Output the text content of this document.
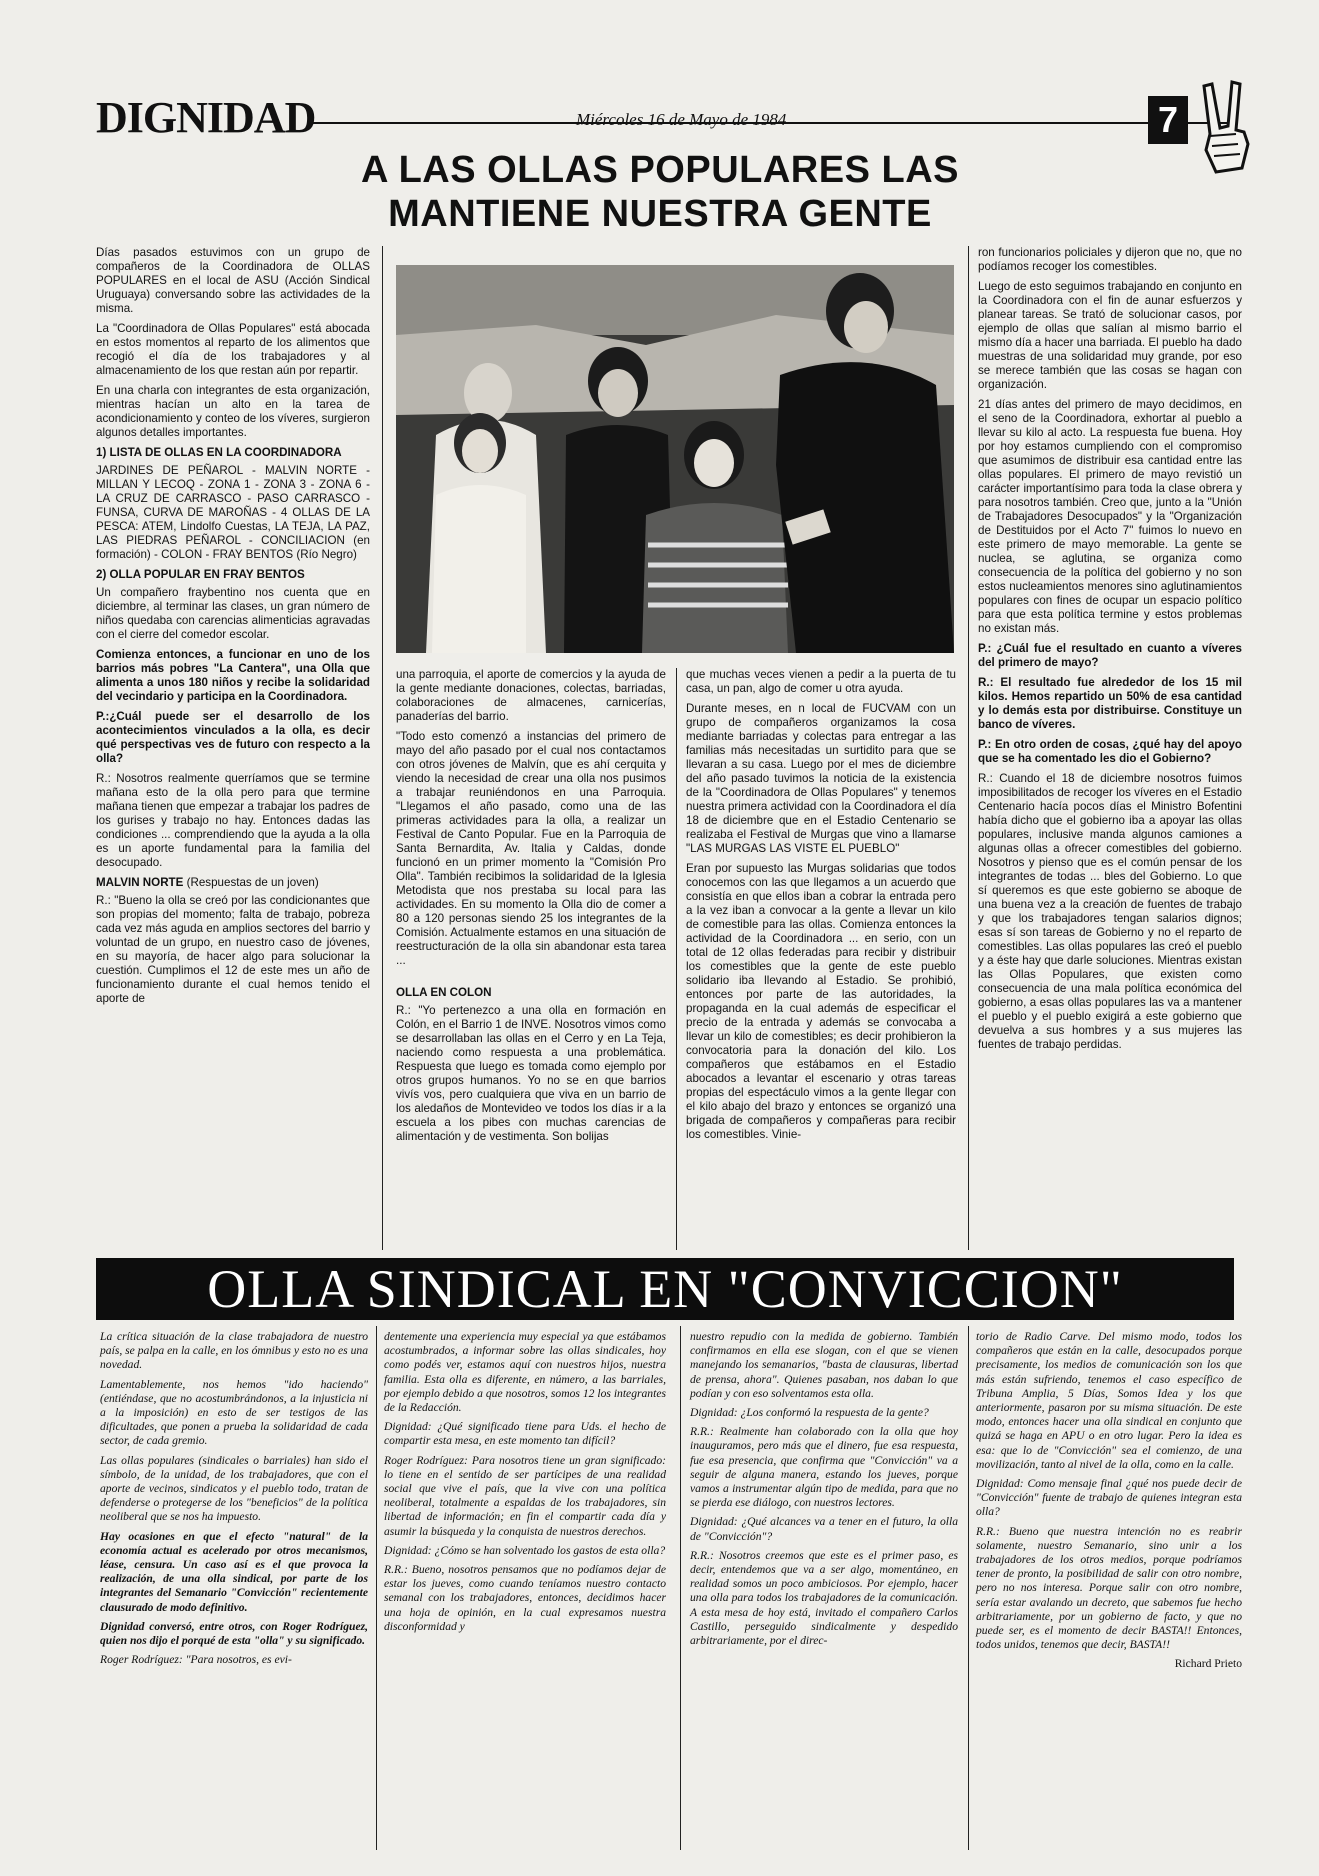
DIGNIDAD	Miércoles 16 de Mayo de 1984	7
A LAS OLLAS POPULARES LAS
MANTIENE NUESTRA GENTE

Días pasados estuvimos con un grupo de compañeros de la Coordinadora de OLLAS POPULARES en el local de ASU (Acción Sindical Uruguaya) conversando sobre las actividades de la misma.

La "Coordinadora de Ollas Populares" está abocada en estos momentos al reparto de los alimentos que recogió el día de los trabajadores y al almacenamiento de los que restan aún por repartir.

En una charla con integrantes de esta organización, mientras hacían un alto en la tarea de acondicionamiento y conteo de los víveres, surgieron algunos detalles importantes.

1) LISTA DE OLLAS EN LA COORDINADORA

JARDINES DE PEÑAROL - MALVIN NORTE - MILLAN Y LECOQ - ZONA 1 - ZONA 3 - ZONA 6 - LA CRUZ DE CARRASCO - PASO CARRASCO - FUNSA, CURVA DE MAROÑAS - 4 OLLAS DE LA PESCA: ATEM, Lindolfo Cuestas, LA TEJA, LA PAZ, LAS PIEDRAS PEÑAROL - CONCILIACION (en formación) - COLON - FRAY BENTOS (Río Negro)

2) OLLA POPULAR EN FRAY BENTOS

Un compañero fraybentino nos cuenta que en diciembre, al terminar las clases, un gran número de niños quedaba con carencias alimenticias agravadas con el cierre del comedor escolar.

Comienza entonces, a funcionar en uno de los barrios más pobres "La Cantera", una Olla que alimenta a unos 180 niños y recibe la solidaridad del vecindario y participa en la Coordinadora.

P.:¿Cuál puede ser el desarrollo de los acontecimientos vinculados a la olla, es decir qué perspectivas ves de futuro con respecto a la olla?

R.: Nosotros realmente querríamos que se termine mañana esto de la olla pero para que termine mañana tienen que empezar a trabajar los padres de los gurises y trabajo no hay. Entonces dadas las condiciones ... comprendiendo que la ayuda a la olla es un aporte fundamental para la familia del desocupado.

MALVIN NORTE (Respuestas de un joven)

R.: "Bueno la olla se creó por las condicionantes que son propias del momento; falta de trabajo, pobreza cada vez más aguda en amplios sectores del barrio y voluntad de un grupo, en nuestro caso de jóvenes, en su mayoría, de hacer algo para solucionar la cuestión. Cumplimos el 12 de este mes un año de funcionamiento durante el cual hemos tenido el aporte de

una parroquia, el aporte de comercios y la ayuda de la gente mediante donaciones, colectas, barriadas, colaboraciones de almacenes, carnicerías, panaderías del barrio.

"Todo esto comenzó a instancias del primero de mayo del año pasado por el cual nos contactamos con otros jóvenes de Malvín, que es ahí cerquita y viendo la necesidad de crear una olla nos pusimos a trabajar reuniéndonos en una Parroquia. "Llegamos el año pasado, como una de las primeras actividades para la olla, a realizar un Festival de Canto Popular. Fue en la Parroquia de Santa Bernardita, Av. Italia y Caldas, donde funcionó en un primer momento la "Comisión Pro Olla". También recibimos la solidaridad de la Iglesia Metodista que nos prestaba su local para las actividades. En su momento la Olla dio de comer a 80 a 120 personas siendo 25 los integrantes de la Comisión. Actualmente estamos en una situación de reestructuración de la olla sin abandonar esta tarea ...

OLLA EN COLON

R.: "Yo pertenezco a una olla en formación en Colón, en el Barrio 1 de INVE. Nosotros vimos como se desarrollaban las ollas en el Cerro y en La Teja, naciendo como respuesta a una problemática. Respuesta que luego es tomada como ejemplo por otros grupos humanos. Yo no se en que barrios vivís vos, pero cualquiera que viva en un barrio de los aledaños de Montevideo ve todos los días ir a la escuela a los pibes con muchas carencias de alimentación y de vestimenta. Son bolijas

que muchas veces vienen a pedir a la puerta de tu casa, un pan, algo de comer u otra ayuda.

Durante meses, en n local de FUCVAM con un grupo de compañeros organizamos la cosa mediante barriadas y colectas para entregar a las familias más necesitadas un surtidito para que se llevaran a su casa. Luego por el mes de diciembre del año pasado tuvimos la noticia de la existencia de la "Coordinadora de Ollas Populares" y tenemos nuestra primera actividad con la Coordinadora el día 18 de diciembre que en el Estadio Centenario se realizaba el Festival de Murgas que vino a llamarse "LAS MURGAS LAS VISTE EL PUEBLO"

Eran por supuesto las Murgas solidarias que todos conocemos con las que llegamos a un acuerdo que consistía en que ellos iban a cobrar la entrada pero a la vez iban a convocar a la gente a llevar un kilo de comestible para las ollas. Comienza entonces la actividad de la Coordinadora ... en serio, con un total de 12 ollas federadas para recibir y distribuir los comestibles que la gente de este pueblo solidario iba llevando al Estadio. Se prohibió, entonces por parte de las autoridades, la propaganda en la cual además de especificar el precio de la entrada y además se convocaba a llevar un kilo de comestibles; es decir prohibieron la convocatoria para la donación del kilo. Los compañeros que estábamos en el Estadio abocados a levantar el escenario y otras tareas propias del espectáculo vimos a la gente llegar con el kilo abajo del brazo y entonces se organizó una brigada de compañeros y compañeras para recibir los comestibles. Vinie-

ron funcionarios policiales y dijeron que no, que no podíamos recoger los comestibles.

Luego de esto seguimos trabajando en conjunto en la Coordinadora con el fin de aunar esfuerzos y planear tareas. Se trató de solucionar casos, por ejemplo de ollas que salían al mismo barrio el mismo día a hacer una barriada. El pueblo ha dado muestras de una solidaridad muy grande, por eso se merece también que las cosas se hagan con organización.

21 días antes del primero de mayo decidimos, en el seno de la Coordinadora, exhortar al pueblo a llevar su kilo al acto. La respuesta fue buena. Hoy por hoy estamos cumpliendo con el compromiso que asumimos de distribuir esa cantidad entre las ollas populares. El primero de mayo revistió un carácter importantísimo para toda la clase obrera y para nosotros también. Creo que, junto a la "Unión de Trabajadores Desocupados" y la "Organización de Destituidos por el Acto 7" fuimos lo nuevo en este primero de mayo memorable. La gente se nuclea, se aglutina, se organiza como consecuencia de la política del gobierno y no son estos nucleamientos menores sino aglutinamientos populares con fines de ocupar un espacio político para que esta política termine y estos problemas no existan más.

P.: ¿Cuál fue el resultado en cuanto a víveres del primero de mayo?

R.: El resultado fue alrededor de los 15 mil kilos. Hemos repartido un 50% de esa cantidad y lo demás esta por distribuirse. Constituye un banco de víveres.

P.: En otro orden de cosas, ¿qué hay del apoyo que se ha comentado les dio el Gobierno?

R.: Cuando el 18 de diciembre nosotros fuimos imposibilitados de recoger los víveres en el Estadio Centenario hacía pocos días el Ministro Bofentini había dicho que el gobierno iba a apoyar las ollas populares, inclusive manda algunos camiones a algunas ollas a ofrecer comestibles del gobierno. Nosotros y pienso que es el común pensar de los integrantes de todas ... bles del Gobierno. Lo que sí queremos es que este gobierno se aboque de una buena vez a la creación de fuentes de trabajo y que los trabajadores tengan salarios dignos; esas sí son tareas de Gobierno y no el reparto de comestibles. Las ollas populares las creó el pueblo y a éste hay que darle soluciones. Mientras existan las Ollas Populares, que existen como consecuencia de una mala política económica del gobierno, a esas ollas populares las va a mantener el pueblo y el pueblo exigirá a este gobierno que devuelva a sus hombres y a sus mujeres las fuentes de trabajo perdidas.

OLLA SINDICAL EN "CONVICCION"

La crítica situación de la clase trabajadora de nuestro país, se palpa en la calle, en los ómnibus y esto no es una novedad.

Lamentablemente, nos hemos "ido haciendo" (entiéndase, que no acostumbrándonos, a la injusticia ni a la imposición) en esto de ser testigos de las dificultades, que ponen a prueba la solidaridad de cada sector, de cada gremio.

Las ollas populares (sindicales o barriales) han sido el símbolo, de la unidad, de los trabajadores, que con el aporte de vecinos, sindicatos y el pueblo todo, tratan de defenderse o protegerse de los "beneficios" de la política neoliberal que se nos ha impuesto.

Hay ocasiones en que el efecto "natural" de la economía actual es acelerado por otros mecanismos, léase, censura. Un caso así es el que provoca la realización, de una olla sindical, por parte de los integrantes del Semanario "Convicción" recientemente clausurado de modo definitivo.

Dignidad conversó, entre otros, con Roger Rodríguez, quien nos dijo el porqué de esta "olla" y su significado.

Roger Rodríguez: "Para nosotros, es evi-

dentemente una experiencia muy especial ya que estábamos acostumbrados, a informar sobre las ollas sindicales, hoy como podés ver, estamos aquí con nuestros hijos, nuestra familia. Esta olla es diferente, en número, a las barriales, por ejemplo debido a que nosotros, somos 12 los integrantes de la Redacción.

Dignidad: ¿Qué significado tiene para Uds. el hecho de compartir esta mesa, en este momento tan difícil?

Roger Rodríguez: Para nosotros tiene un gran significado: lo tiene en el sentido de ser partícipes de una realidad social que vive el país, que la vive con una política neoliberal, totalmente a espaldas de los trabajadores, sin libertad de información; en fin el compartir cada día y asumir la búsqueda y la conquista de nuestros derechos.

Dignidad: ¿Cómo se han solventado los gastos de esta olla?

R.R.: Bueno, nosotros pensamos que no podíamos dejar de estar los jueves, como cuando teníamos nuestro contacto semanal con los trabajadores, entonces, decidimos hacer una hoja de opinión, en la cual expresamos nuestra disconformidad y

nuestro repudio con la medida de gobierno. También confirmamos en ella ese slogan, con el que se vienen manejando los semanarios, "basta de clausuras, libertad de prensa, ahora". Quienes pasaban, nos daban lo que podían y con eso solventamos esta olla.

Dignidad: ¿Los conformó la respuesta de la gente?

R.R.: Realmente han colaborado con la olla que hoy inauguramos, pero más que el dinero, fue esa respuesta, fue esa presencia, que confirma que "Convicción" va a seguir de alguna manera, estando los jueves, porque vamos a instrumentar algún tipo de medida, para que no se pierda ese diálogo, con nuestros lectores.

Dignidad: ¿Qué alcances va a tener en el futuro, la olla de "Convicción"?

R.R.: Nosotros creemos que este es el primer paso, es decir, entendemos que va a ser algo, momentáneo, en realidad somos un poco ambiciosos. Por ejemplo, hacer una olla para todos los trabajadores de la comunicación. A esta mesa de hoy está, invitado el compañero Carlos Castillo, perseguido sindicalmente y despedido arbitrariamente, por el direc-

torio de Radio Carve. Del mismo modo, todos los compañeros que están en la calle, desocupados porque precisamente, los medios de comunicación son los que más están sufriendo, tenemos el caso específico de Tribuna Amplia, 5 Días, Somos Idea y los que anteriormente, pasaron por su misma situación. De este modo, entonces hacer una olla sindical en conjunto que quizá se haga en APU o en otro lugar. Pero la idea es esa: que lo de "Convicción" sea el comienzo, de una movilización, tanto al nivel de la olla, como en la calle.

Dignidad: Como mensaje final ¿qué nos puede decir de "Convicción" fuente de trabajo de quienes integran esta olla?

R.R.: Bueno que nuestra intención no es reabrir solamente, nuestro Semanario, sino unir a los trabajadores de los otros medios, porque podríamos tener de pronto, la posibilidad de salir con otro nombre, pero no nos interesa. Porque salir con otro nombre, sería estar avalando un decreto, que sabemos fue hecho arbitrariamente, por un gobierno de facto, y que no puede ser, es el momento de decir BASTA!! Entonces, todos unidos, tenemos que decir, BASTA!!

Richard Prieto
